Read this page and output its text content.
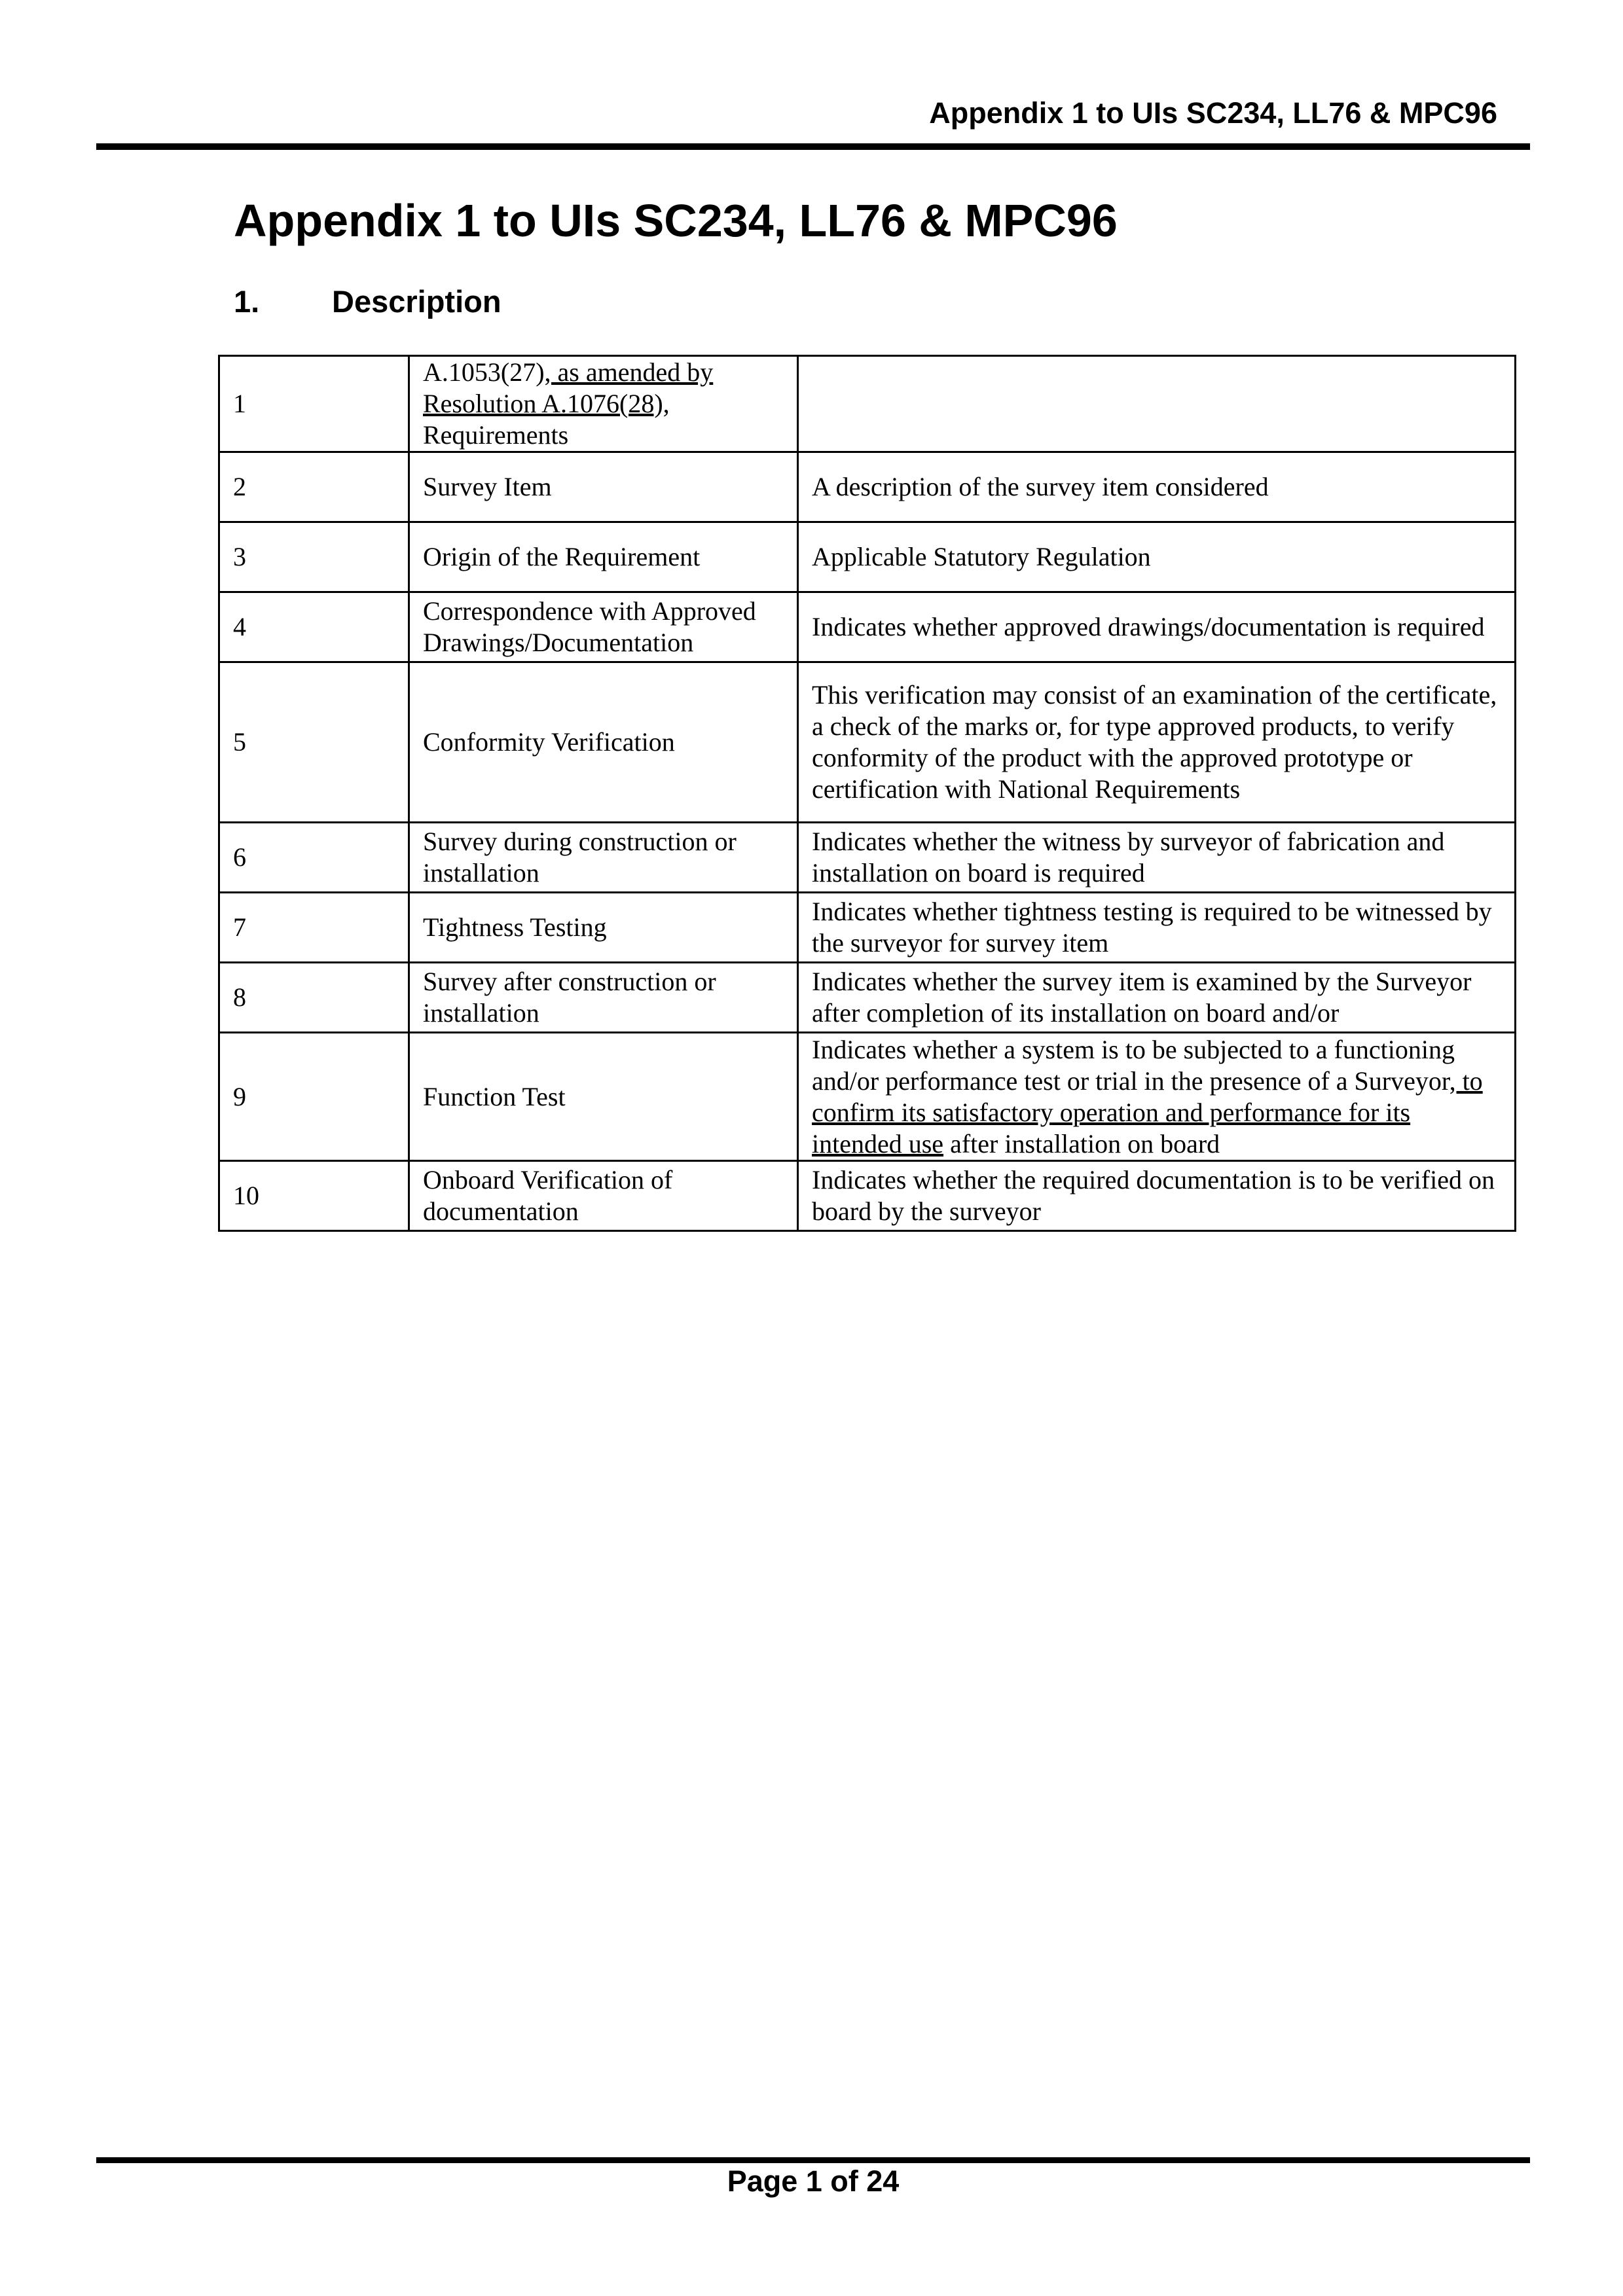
Appendix 1 to UIs SC234, LL76 & MPC96
Appendix 1 to UIs SC234, LL76 & MPC96
1. Description
1	A.1053(27), as amended by Resolution A.1076(28), Requirements	
2	Survey Item	A description of the survey item considered
3	Origin of the Requirement	Applicable Statutory Regulation
4	Correspondence with Approved Drawings/Documentation	Indicates whether approved drawings/documentation is required
5	Conformity Verification	This verification may consist of an examination of the certificate, a check of the marks or, for type approved products, to verify conformity of the product with the approved prototype or certification with National Requirements
6	Survey during construction or installation	Indicates whether the witness by surveyor of fabrication and installation on board is required
7	Tightness Testing	Indicates whether tightness testing is required to be witnessed by the surveyor for survey item
8	Survey after construction or installation	Indicates whether the survey item is examined by the Surveyor after completion of its installation on board and/or
9	Function Test	Indicates whether a system is to be subjected to a functioning and/or performance test or trial in the presence of a Surveyor, to confirm its satisfactory operation and performance for its intended use after installation on board
10	Onboard Verification of documentation	Indicates whether the required documentation is to be verified on board by the surveyor
Page 1 of 24
